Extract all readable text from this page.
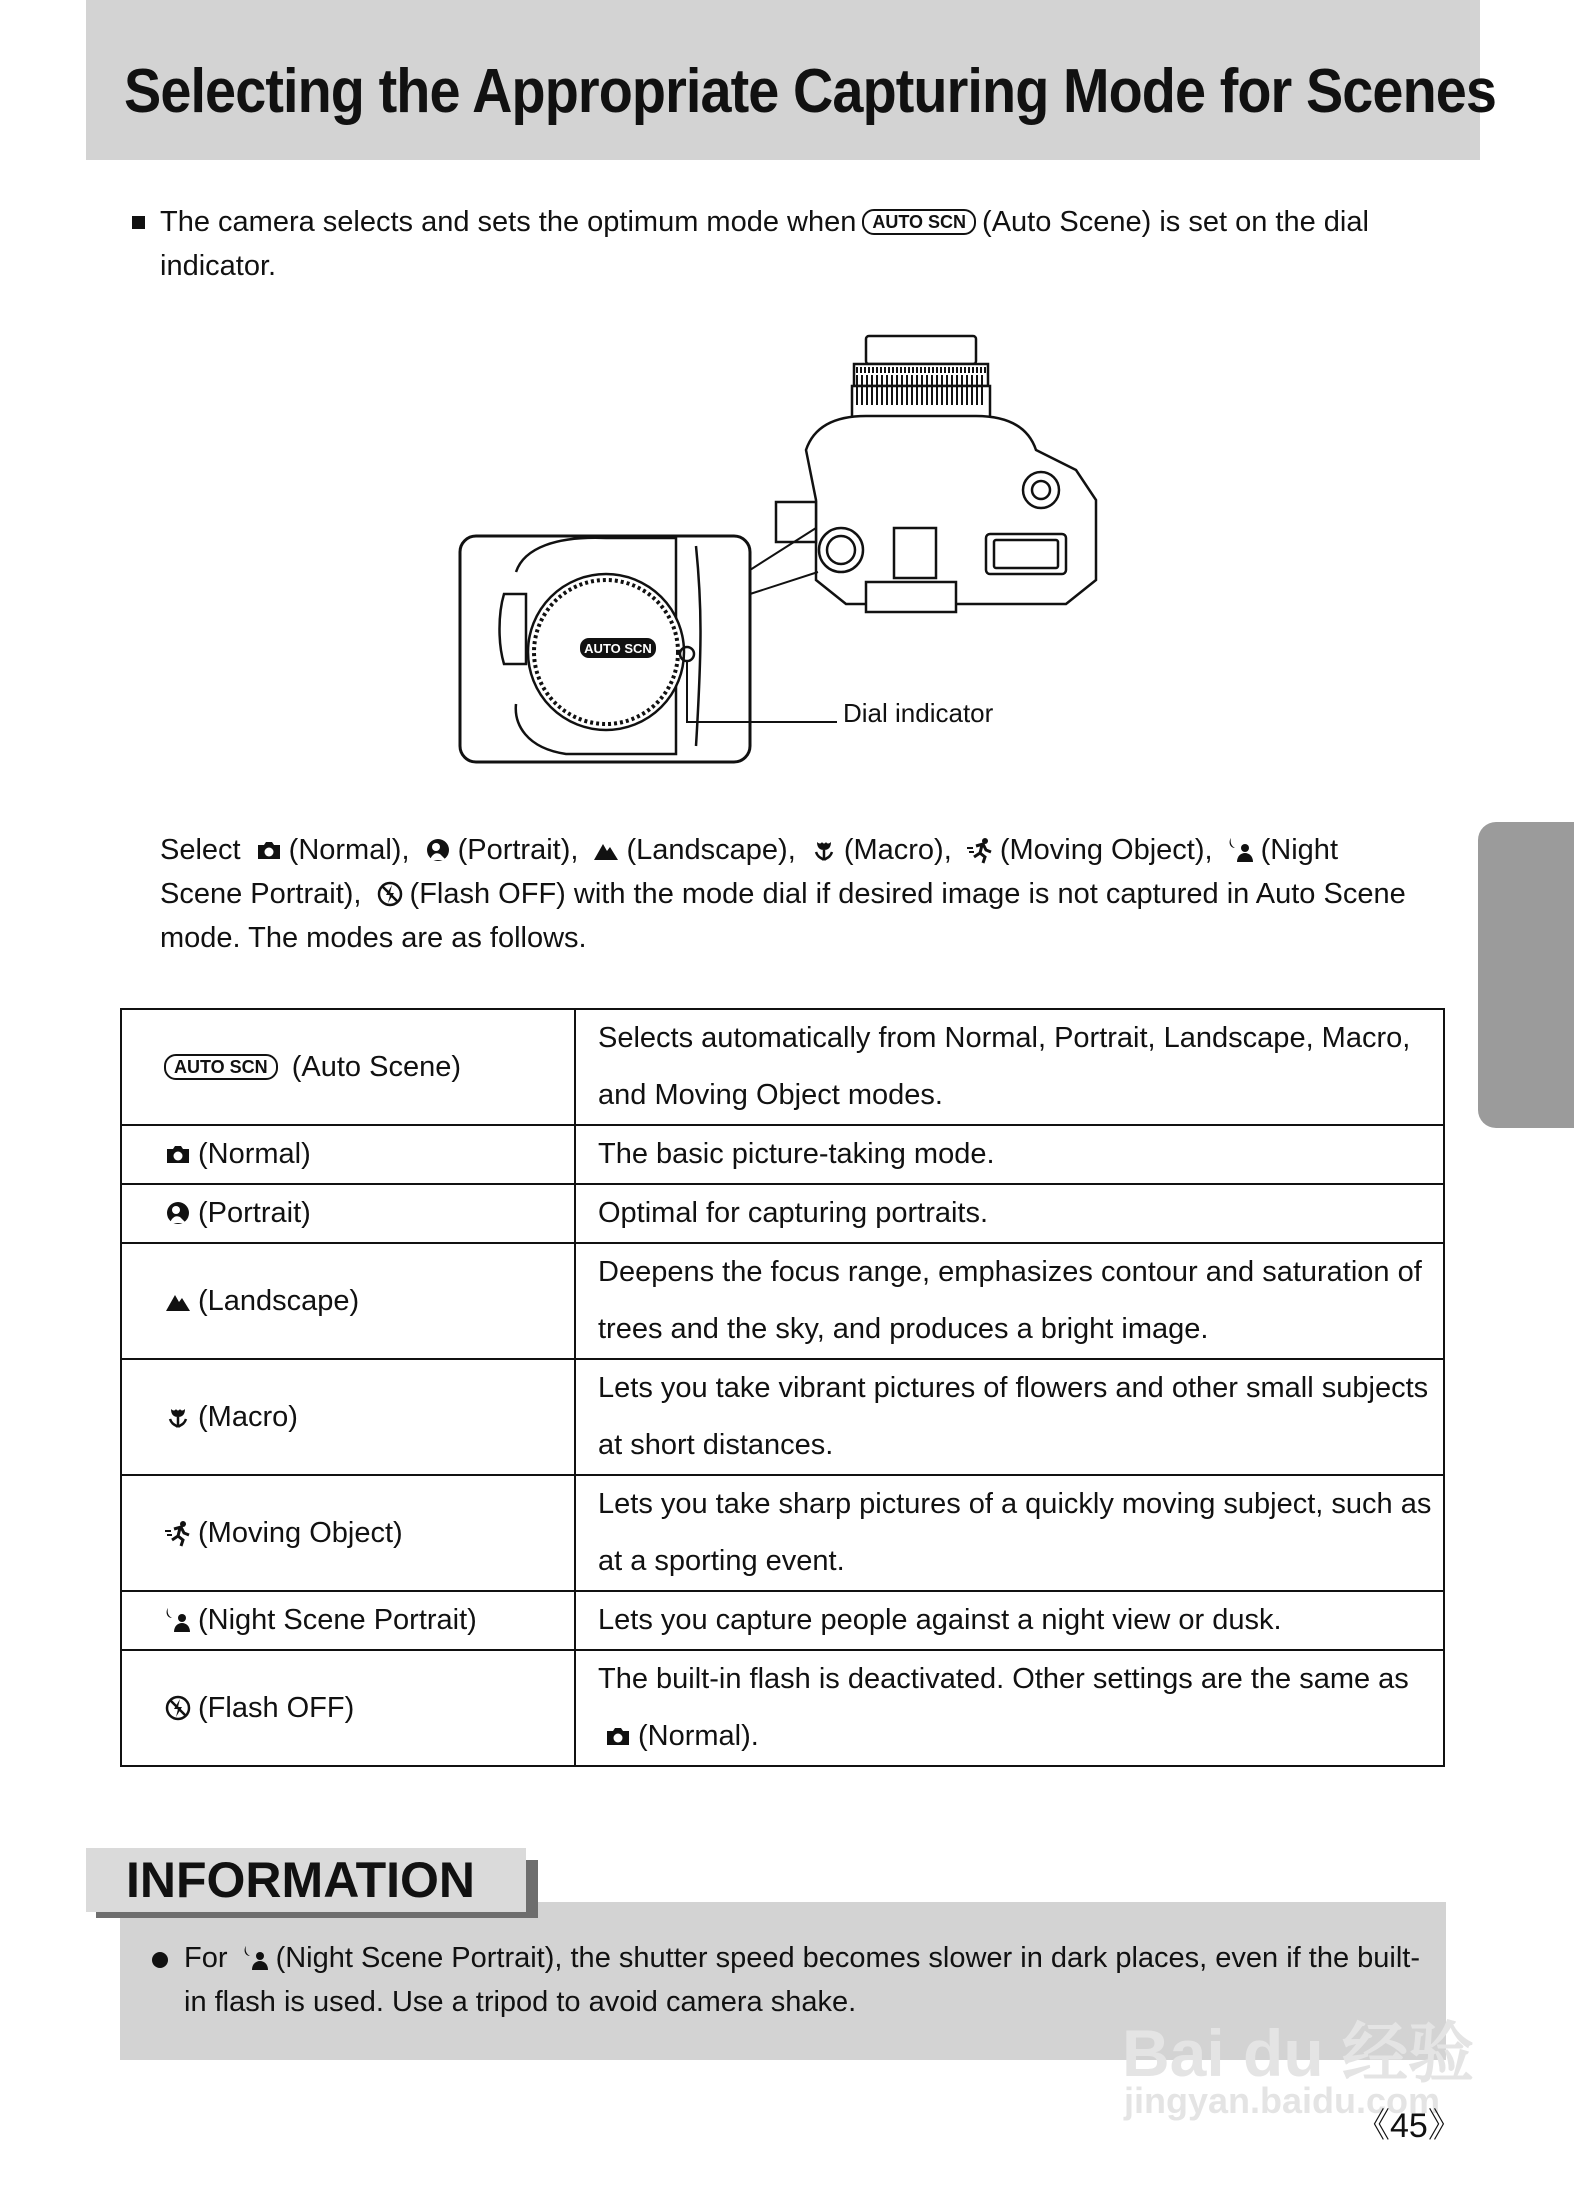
Selecting the Appropriate Capturing Mode for Scenes
The camera selects and sets the optimum mode when AUTO SCN (Auto Scene) is set on the dial indicator.
AUTO SCN
Dial indicator
Select (Normal), (Portrait), (Landscape), (Macro), (Moving Object), (Night Scene Portrait), (Flash OFF) with the mode dial if desired image is not captured in Auto Scene mode. The modes are as follows.
AUTO SCN (Auto Scene)	Selects automatically from Normal, Portrait, Landscape, Macro, and Moving Object modes.
(Normal)	The basic picture-taking mode.
(Portrait)	Optimal for capturing portraits.
(Landscape)	Deepens the focus range, emphasizes contour and saturation of trees and the sky, and produces a bright image.
(Macro)	Lets you take vibrant pictures of flowers and other small subjects at short distances.
(Moving Object)	Lets you take sharp pictures of a quickly moving subject, such as at a sporting event.
(Night Scene Portrait)	Lets you capture people against a night view or dusk.
(Flash OFF)	The built-in flash is deactivated. Other settings are the same as
(Normal).
INFORMATION
For (Night Scene Portrait), the shutter speed becomes slower in dark places, even if the built-in flash is used. Use a tripod to avoid camera shake.
Bai du 经验
jingyan.baidu.com
《45》
